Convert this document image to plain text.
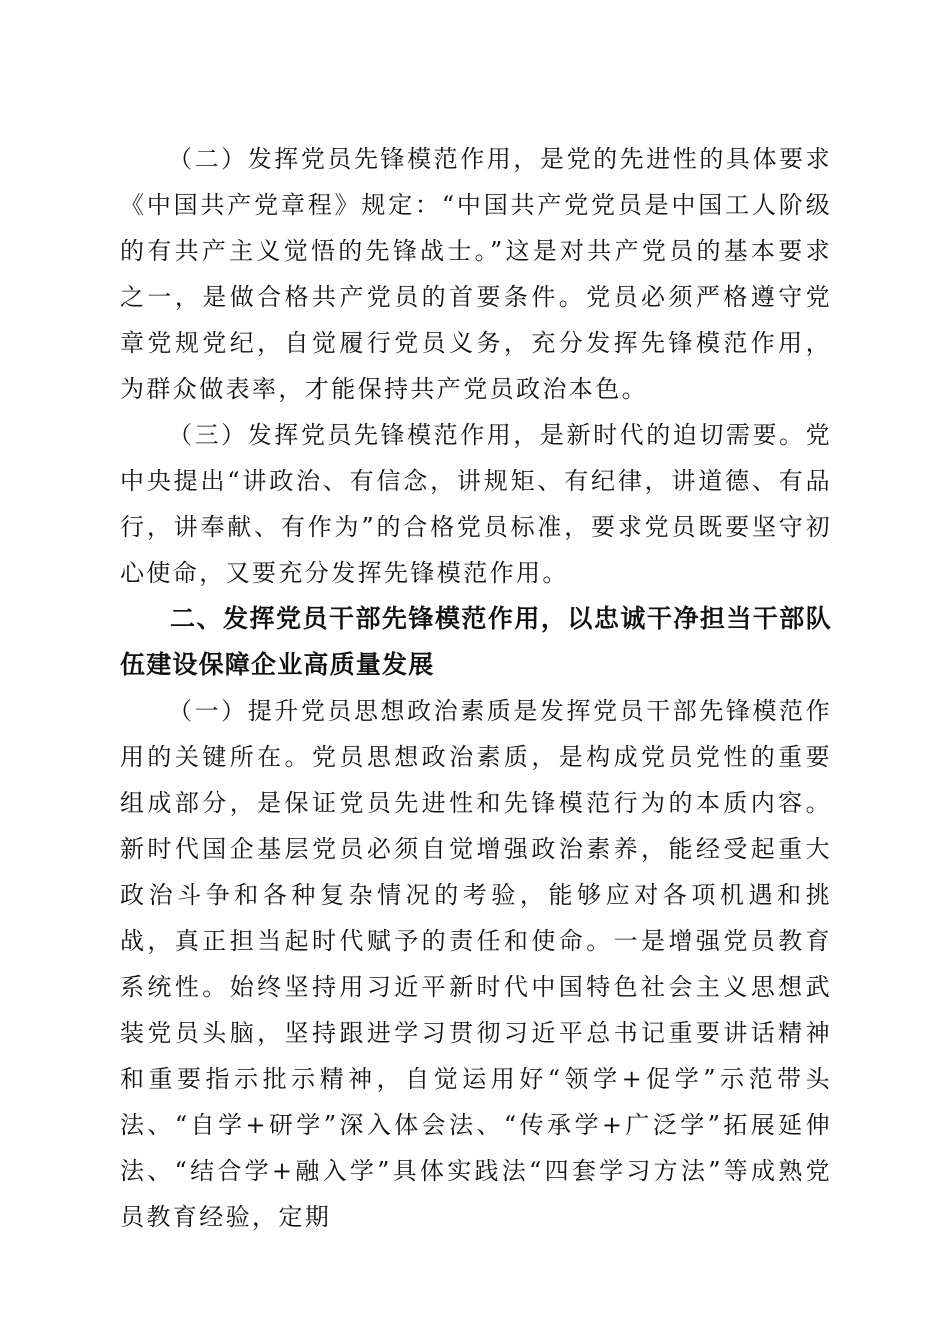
（二）发挥党员先锋模范作用，是党的先进性的具体要求《中国共产党章程》规定：“中国共产党党员是中国工人阶级的有共产主义觉悟的先锋战士。”这是对共产党员的基本要求之一，是做合格共产党员的首要条件。党员必须严格遵守党章党规党纪，自觉履行党员义务，充分发挥先锋模范作用，为群众做表率，才能保持共产党员政治本色。

（三）发挥党员先锋模范作用，是新时代的迫切需要。党中央提出“讲政治、有信念，讲规矩、有纪律，讲道德、有品行，讲奉献、有作为”的合格党员标准，要求党员既要坚守初心使命，又要充分发挥先锋模范作用。

二、发挥党员干部先锋模范作用，以忠诚干净担当干部队伍建设保障企业高质量发展

（一）提升党员思想政治素质是发挥党员干部先锋模范作用的关键所在。党员思想政治素质，是构成党员党性的重要组成部分，是保证党员先进性和先锋模范行为的本质内容。新时代国企基层党员必须自觉增强政治素养，能经受起重大政治斗争和各种复杂情况的考验，能够应对各项机遇和挑战，真正担当起时代赋予的责任和使命。一是增强党员教育系统性。始终坚持用习近平新时代中国特色社会主义思想武装党员头脑，坚持跟进学习贯彻习近平总书记重要讲话精神和重要指示批示精神，自觉运用好“领学+促学”示范带头法、“自学+研学”深入体会法、“传承学+广泛学”拓展延伸法、“结合学+融入学”具体实践法“四套学习方法”等成熟党员教育经验，定期
